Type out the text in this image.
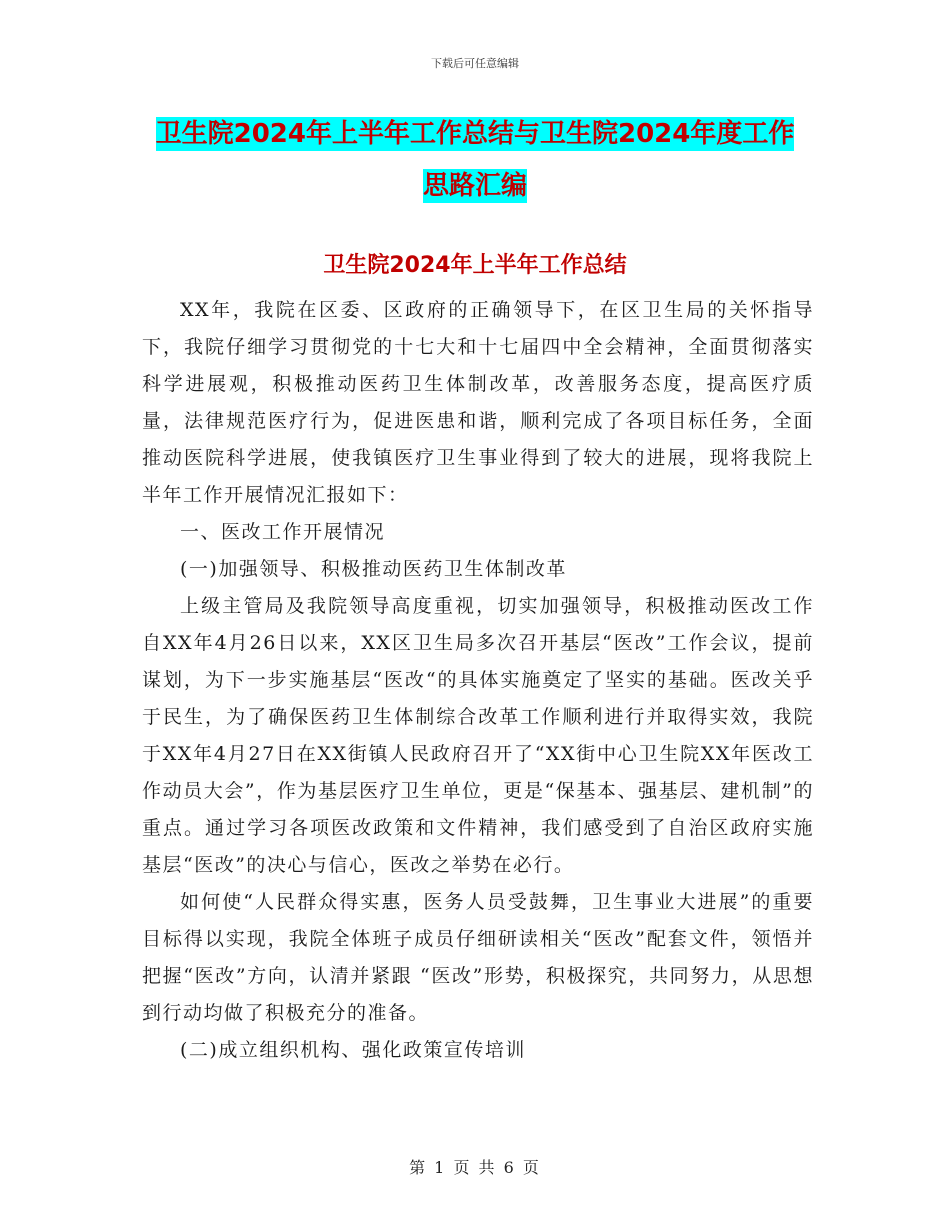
下载后可任意编辑
卫生院2024年上半年工作总结与卫生院2024年度工作思路汇编
卫生院2024年上半年工作总结

XX年，我院在区委、区政府的正确领导下，在区卫生局的关怀指导下，我院仔细学习贯彻党的十七大和十七届四中全会精神，全面贯彻落实科学进展观，积极推动医药卫生体制改革，改善服务态度，提高医疗质量，法律规范医疗行为，促进医患和谐，顺利完成了各项目标任务，全面推动医院科学进展，使我镇医疗卫生事业得到了较大的进展，现将我院上半年工作开展情况汇报如下：

一、医改工作开展情况

(一)加强领导、积极推动医药卫生体制改革

上级主管局及我院领导高度重视，切实加强领导，积极推动医改工作自XX年4月26日以来，XX区卫生局多次召开基层“医改”工作会议，提前谋划，为下一步实施基层“医改“的具体实施奠定了坚实的基础。医改关乎于民生，为了确保医药卫生体制综合改革工作顺利进行并取得实效，我院于XX年4月27日在XX街镇人民政府召开了“XX街中心卫生院XX年医改工作动员大会”，作为基层医疗卫生单位，更是“保基本、强基层、建机制”的重点。通过学习各项医改政策和文件精神，我们感受到了自治区政府实施基层“医改”的决心与信心，医改之举势在必行。

如何使“人民群众得实惠，医务人员受鼓舞，卫生事业大进展”的重要目标得以实现，我院全体班子成员仔细研读相关“医改”配套文件，领悟并把握“医改”方向，认清并紧跟 “医改”形势，积极探究，共同努力，从思想到行动均做了积极充分的准备。

(二)成立组织机构、强化政策宣传培训

第 1 页 共 6 页
